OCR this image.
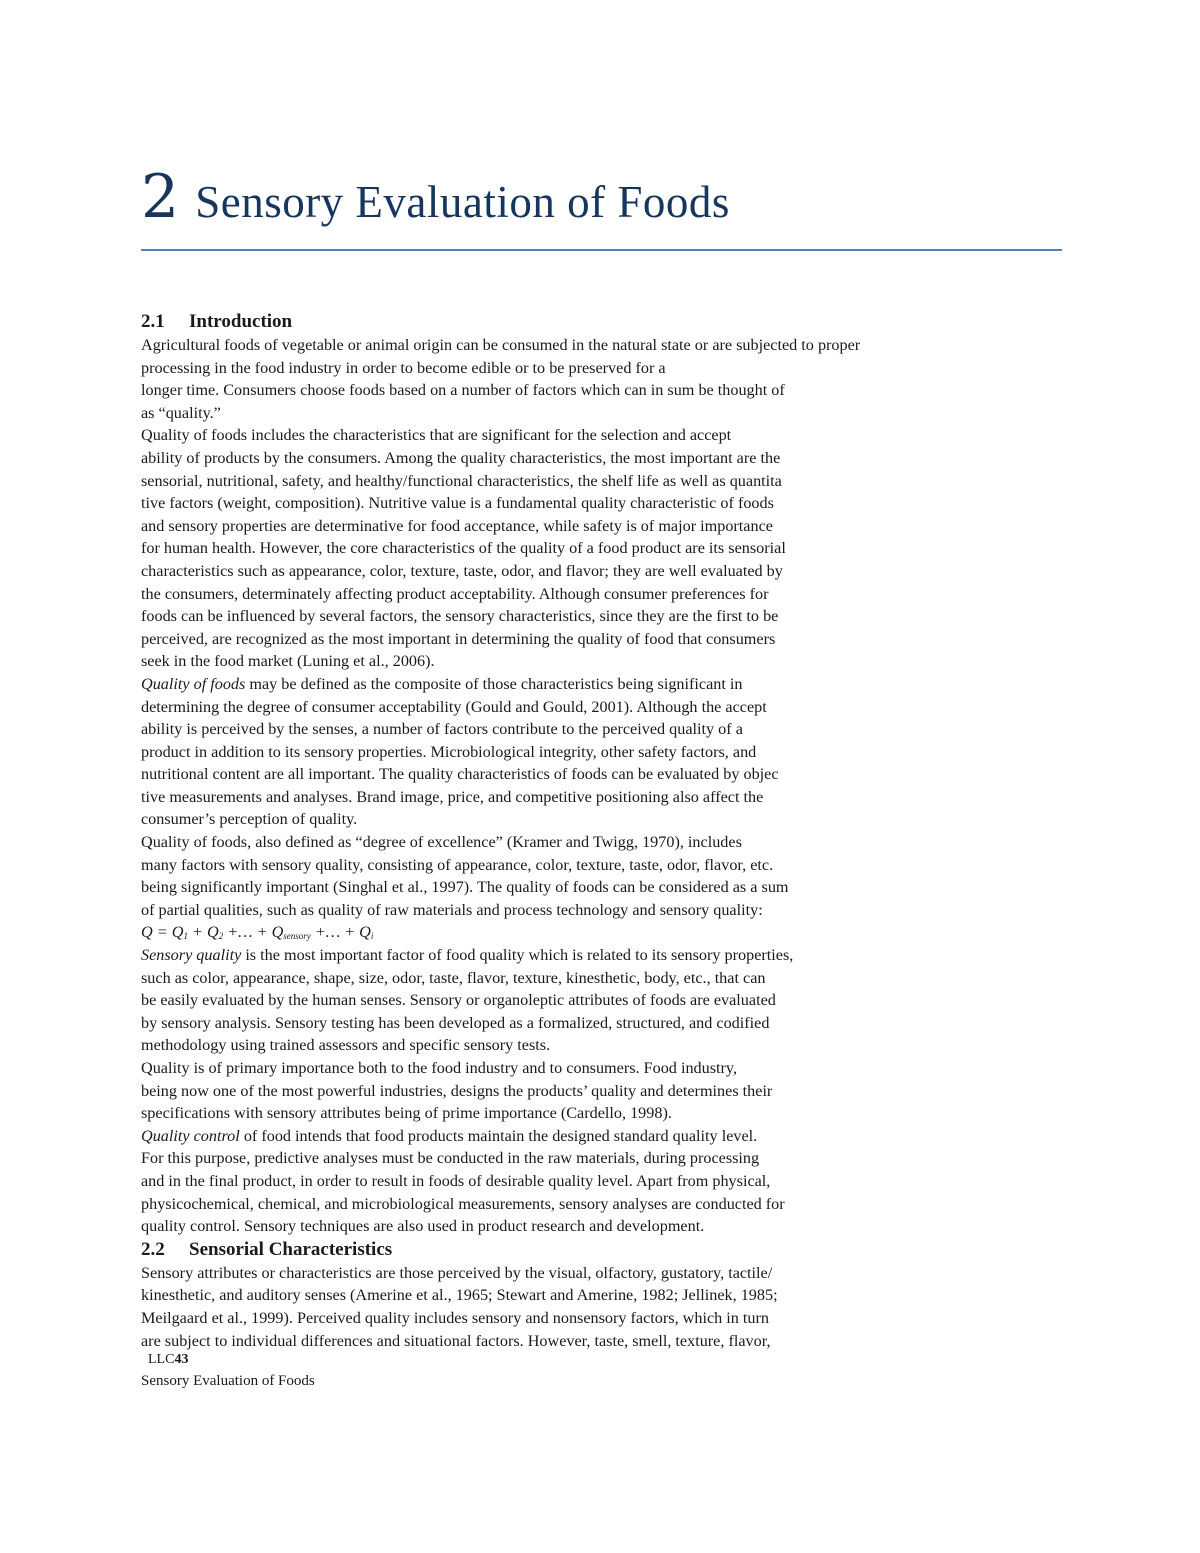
2 Sensory Evaluation of Foods
2.1 Introduction
Agricultural foods of vegetable or animal origin can be consumed in the natural state or are subjected to proper
processing in the food industry in order to become edible or to be preserved for a
longer time. Consumers choose foods based on a number of factors which can in sum be thought of
as “quality.”
Quality of foods includes the characteristics that are significant for the selection and accept
ability of products by the consumers. Among the quality characteristics, the most important are the
sensorial, nutritional, safety, and healthy/functional characteristics, the shelf life as well as quantita
tive factors (weight, composition). Nutritive value is a fundamental quality characteristic of foods
and sensory properties are determinative for food acceptance, while safety is of major importance
for human health. However, the core characteristics of the quality of a food product are its sensorial
characteristics such as appearance, color, texture, taste, odor, and flavor; they are well evaluated by
the consumers, determinately affecting product acceptability. Although consumer preferences for
foods can be influenced by several factors, the sensory characteristics, since they are the first to be
perceived, are recognized as the most important in determining the quality of food that consumers
seek in the food market (Luning et al., 2006).
Quality of foods may be defined as the composite of those characteristics being significant in
determining the degree of consumer acceptability (Gould and Gould, 2001). Although the accept
ability is perceived by the senses, a number of factors contribute to the perceived quality of a
product in addition to its sensory properties. Microbiological integrity, other safety factors, and
nutritional content are all important. The quality characteristics of foods can be evaluated by objec
tive measurements and analyses. Brand image, price, and competitive positioning also affect the
consumer’s perception of quality.
Quality of foods, also defined as “degree of excellence” (Kramer and Twigg, 1970), includes
many factors with sensory quality, consisting of appearance, color, texture, taste, odor, flavor, etc.
being significantly important (Singhal et al., 1997). The quality of foods can be considered as a sum
of partial qualities, such as quality of raw materials and process technology and sensory quality:
$Q = Q_1 + Q_2$ +… + $Q_{sensory}$ +… + $Q_i$
Sensory quality is the most important factor of food quality which is related to its sensory properties,
such as color, appearance, shape, size, odor, taste, flavor, texture, kinesthetic, body, etc., that can
be easily evaluated by the human senses. Sensory or organoleptic attributes of foods are evaluated
by sensory analysis. Sensory testing has been developed as a formalized, structured, and codified
methodology using trained assessors and specific sensory tests.
Quality is of primary importance both to the food industry and to consumers. Food industry,
being now one of the most powerful industries, designs the products’ quality and determines their
specifications with sensory attributes being of prime importance (Cardello, 1998).
Quality control of food intends that food products maintain the designed standard quality level.
For this purpose, predictive analyses must be conducted in the raw materials, during processing
and in the final product, in order to result in foods of desirable quality level. Apart from physical,
physicochemical, chemical, and microbiological measurements, sensory analyses are conducted for
quality control. Sensory techniques are also used in product research and development.
2.2 Sensorial Characteristics
Sensory attributes or characteristics are those perceived by the visual, olfactory, gustatory, tactile/
kinesthetic, and auditory senses (Amerine et al., 1965; Stewart and Amerine, 1982; Jellinek, 1985;
Meilgaard et al., 1999). Perceived quality includes sensory and nonsensory factors, which in turn
are subject to individual differences and situational factors. However, taste, smell, texture, flavor,
LLC43
Sensory Evaluation of Foods
